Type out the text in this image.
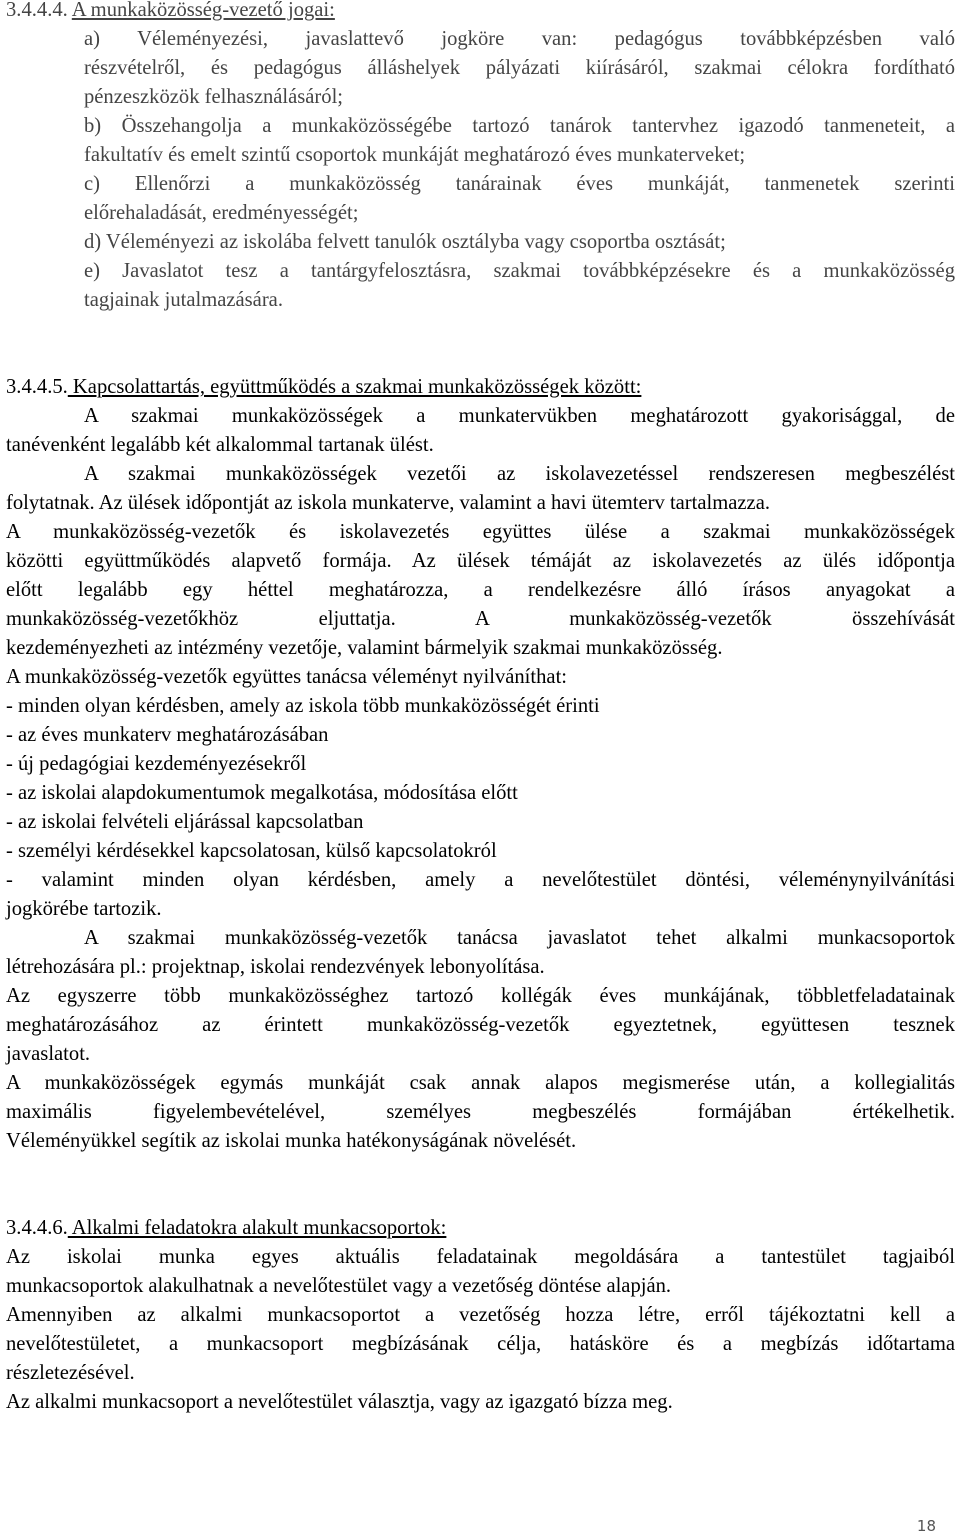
3.4.4.4. A munkaközösség-vezető jogai:
a) Véleményezési, javaslattevő jogköre van: pedagógus továbbképzésben való
részvételről, és pedagógus álláshelyek pályázati kiírásáról, szakmai célokra fordítható
pénzeszközök felhasználásáról;
b) Összehangolja a munkaközösségébe tartozó tanárok tantervhez igazodó tanmeneteit, a
fakultatív és emelt szintű csoportok munkáját meghatározó éves munkaterveket;
c) Ellenőrzi a munkaközösség tanárainak éves munkáját, tanmenetek szerinti
előrehaladását, eredményességét;
d) Véleményezi az iskolába felvett tanulók osztályba vagy csoportba osztását;
e) Javaslatot tesz a tantárgyfelosztásra, szakmai továbbképzésekre és a munkaközösség
tagjainak jutalmazására.
3.4.4.5. Kapcsolattartás, együttműködés a szakmai munkaközösségek között:
A szakmai munkaközösségek a munkatervükben meghatározott gyakorisággal, de
tanévenként legalább két alkalommal tartanak ülést.
A szakmai munkaközösségek vezetői az iskolavezetéssel rendszeresen megbeszélést
folytatnak. Az ülések időpontját az iskola munkaterve, valamint a havi ütemterv tartalmazza.
A munkaközösség-vezetők és iskolavezetés együttes ülése a szakmai munkaközösségek
közötti együttműködés alapvető formája. Az ülések témáját az iskolavezetés az ülés időpontja
előtt legalább egy héttel meghatározza, a rendelkezésre álló írásos anyagokat a
munkaközösség-vezetőkhöz eljuttatja. A munkaközösség-vezetők összehívását
kezdeményezheti az intézmény vezetője, valamint bármelyik szakmai munkaközösség.
A munkaközösség-vezetők együttes tanácsa véleményt nyilváníthat:
- minden olyan kérdésben, amely az iskola több munkaközösségét érinti
- az éves munkaterv meghatározásában
- új pedagógiai kezdeményezésekről
- az iskolai alapdokumentumok megalkotása, módosítása előtt
- az iskolai felvételi eljárással kapcsolatban
- személyi kérdésekkel kapcsolatosan, külső kapcsolatokról
- valamint minden olyan kérdésben, amely a nevelőtestület döntési, véleménynyilvánítási
jogkörébe tartozik.
A szakmai munkaközösség-vezetők tanácsa javaslatot tehet alkalmi munkacsoportok
létrehozására pl.: projektnap, iskolai rendezvények lebonyolítása.
Az egyszerre több munkaközösséghez tartozó kollégák éves munkájának, többletfeladatainak
meghatározásához az érintett munkaközösség-vezetők egyeztetnek, együttesen tesznek
javaslatot.
A munkaközösségek egymás munkáját csak annak alapos megismerése után, a kollegialitás
maximális figyelembevételével, személyes megbeszélés formájában értékelhetik.
Véleményükkel segítik az iskolai munka hatékonyságának növelését.
3.4.4.6. Alkalmi feladatokra alakult munkacsoportok:
Az iskolai munka egyes aktuális feladatainak megoldására a tantestület tagjaiból
munkacsoportok alakulhatnak a nevelőtestület vagy a vezetőség döntése alapján.
Amennyiben az alkalmi munkacsoportot a vezetőség hozza létre, erről tájékoztatni kell a
nevelőtestületet, a munkacsoport megbízásának célja, hatásköre és a megbízás időtartama
részletezésével.
Az alkalmi munkacsoport a nevelőtestület választja, vagy az igazgató bízza meg.
18
